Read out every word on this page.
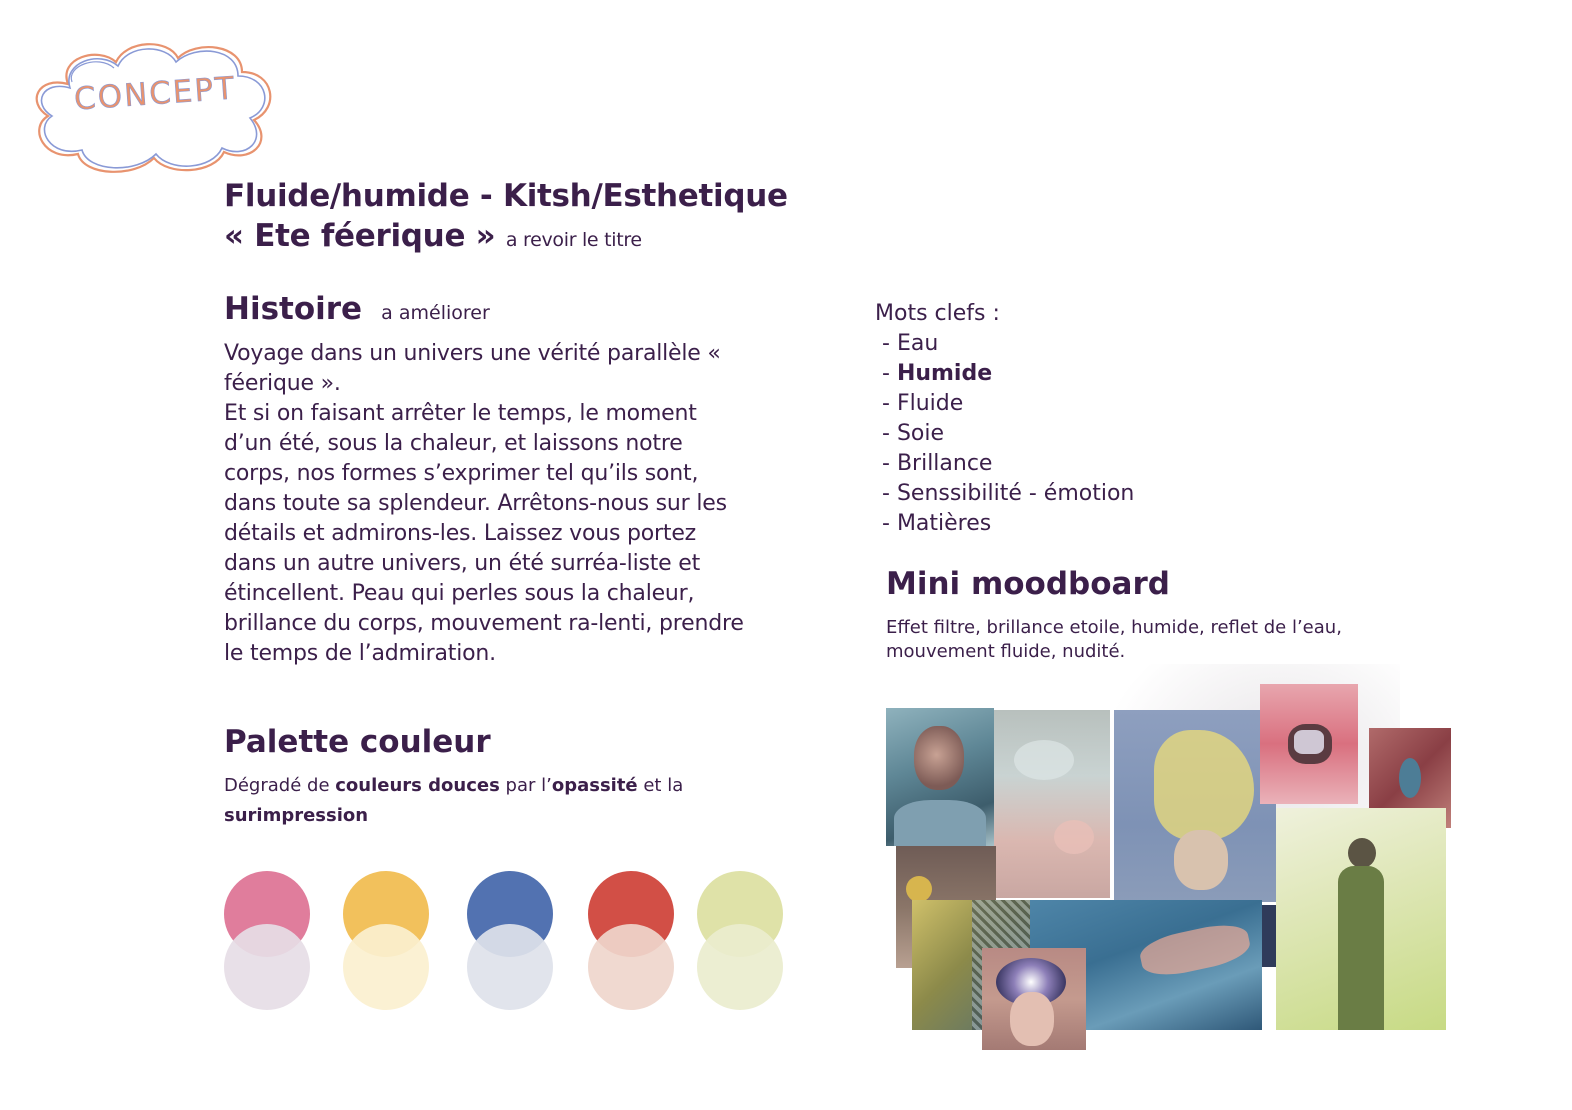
CONCEPT
Fluide/humide - Kitsh/Esthetique
« Ete féerique » a revoir le titre
Histoire a améliorer

Voyage dans un univers une vérité parallèle « féerique ».

Et si on faisant arrêter le temps, le moment d’un été, sous la chaleur, et laissons notre corps, nos formes s’exprimer tel qu’ils sont, dans toute sa splendeur. Arrêtons-nous sur les détails et admirons-les. Laissez vous portez dans un autre univers, un été surréa-liste et étincellent. Peau qui perles sous la chaleur, brillance du corps, mouvement ra-lenti, prendre le temps de l’admiration.

Palette couleur
Dégradé de couleurs douces par l’opassité et la surimpression
Mots clefs :
- Eau
- Humide
- Fluide
- Soie
- Brillance
- Senssibilité - émotion
- Matières
Mini moodboard
Effet filtre, brillance etoile, humide, reflet de l’eau, mouvement fluide, nudité.
